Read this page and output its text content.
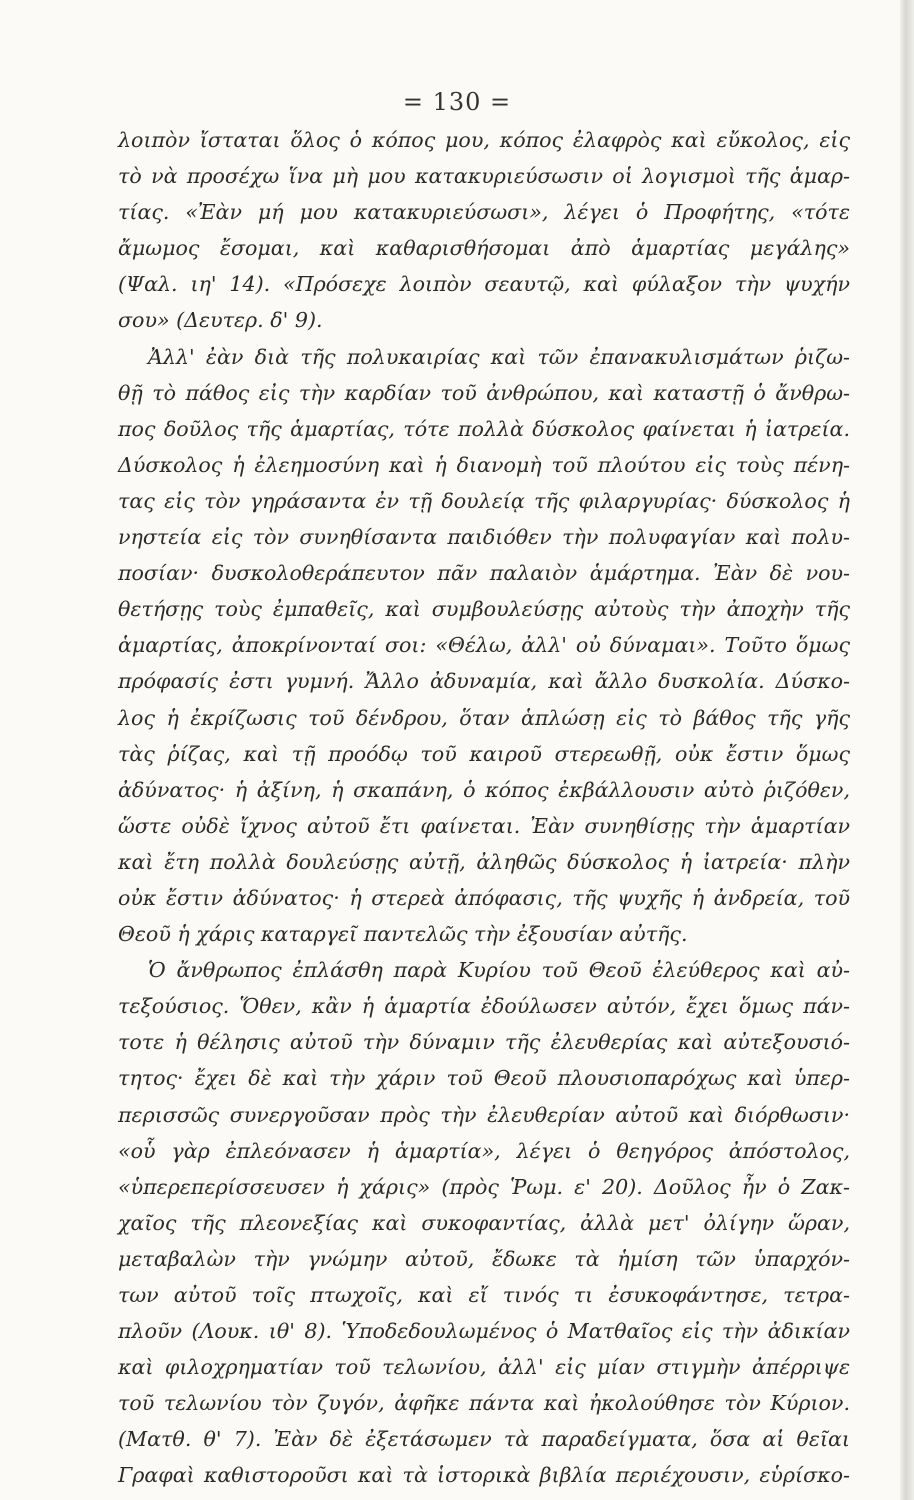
= 130 =
λοιπὸν ἴσταται ὅλος ὁ κόπος μου, κόπος ἐλαφρὸς καὶ εὔκολος, εἰς
τὸ νὰ προσέχω ἵνα μὴ μου κατακυριεύσωσιν οἱ λογισμοὶ τῆς ἁμαρ-
τίας. «Ἐὰν μή μου κατακυριεύσωσι», λέγει ὁ Προφήτης, «τότε
ἄμωμος ἔσομαι, καὶ καθαρισθήσομαι ἀπὸ ἁμαρτίας μεγάλης»
(Ψαλ. ιη' 14). «Πρόσεχε λοιπὸν σεαυτῷ, καὶ φύλαξον τὴν ψυχήν
σου» (Δευτερ. δ' 9).
Ἀλλ' ἐὰν διὰ τῆς πολυκαιρίας καὶ τῶν ἐπανακυλισμάτων ῥιζω-
θῇ τὸ πάθος εἰς τὴν καρδίαν τοῦ ἀνθρώπου, καὶ καταστῇ ὁ ἄνθρω-
πος δοῦλος τῆς ἁμαρτίας, τότε πολλὰ δύσκολος φαίνεται ἡ ἰατρεία.
Δύσκολος ἡ ἐλεημοσύνη καὶ ἡ διανομὴ τοῦ πλούτου εἰς τοὺς πένη-
τας εἰς τὸν γηράσαντα ἐν τῇ δουλείᾳ τῆς φιλαργυρίας· δύσκολος ἡ
νηστεία εἰς τὸν συνηθίσαντα παιδιόθεν τὴν πολυφαγίαν καὶ πολυ-
ποσίαν· δυσκολοθεράπευτον πᾶν παλαιὸν ἁμάρτημα. Ἐὰν δὲ νου-
θετήσῃς τοὺς ἐμπαθεῖς, καὶ συμβουλεύσῃς αὐτοὺς τὴν ἀποχὴν τῆς
ἁμαρτίας, ἀποκρίνονταί σοι: «Θέλω, ἀλλ' οὐ δύναμαι». Τοῦτο ὅμως
πρόφασίς ἐστι γυμνή. Ἄλλο ἀδυναμία, καὶ ἄλλο δυσκολία. Δύσκο-
λος ἡ ἐκρίζωσις τοῦ δένδρου, ὅταν ἁπλώσῃ εἰς τὸ βάθος τῆς γῆς
τὰς ῥίζας, καὶ τῇ προόδῳ τοῦ καιροῦ στερεωθῇ, οὐκ ἔστιν ὅμως
ἀδύνατος· ἡ ἀξίνη, ἡ σκαπάνη, ὁ κόπος ἐκβάλλουσιν αὐτὸ ῥιζόθεν,
ὥστε οὐδὲ ἴχνος αὐτοῦ ἔτι φαίνεται. Ἐὰν συνηθίσῃς τὴν ἁμαρτίαν
καὶ ἔτη πολλὰ δουλεύσῃς αὐτῇ, ἀληθῶς δύσκολος ἡ ἰατρεία· πλὴν
οὐκ ἔστιν ἀδύνατος· ἡ στερεὰ ἀπόφασις, τῆς ψυχῆς ἡ ἀνδρεία, τοῦ
Θεοῦ ἡ χάρις καταργεῖ παντελῶς τὴν ἐξουσίαν αὐτῆς.
Ὁ ἄνθρωπος ἐπλάσθη παρὰ Κυρίου τοῦ Θεοῦ ἐλεύθερος καὶ αὐ-
τεξούσιος. Ὅθεν, κἂν ἡ ἁμαρτία ἐδούλωσεν αὐτόν, ἔχει ὅμως πάν-
τοτε ἡ θέλησις αὐτοῦ τὴν δύναμιν τῆς ἐλευθερίας καὶ αὐτεξουσιό-
τητος· ἔχει δὲ καὶ τὴν χάριν τοῦ Θεοῦ πλουσιοπαρόχως καὶ ὑπερ-
περισσῶς συνεργοῦσαν πρὸς τὴν ἐλευθερίαν αὐτοῦ καὶ διόρθωσιν·
«οὗ γὰρ ἐπλεόνασεν ἡ ἁμαρτία», λέγει ὁ θεηγόρος ἀπόστολος,
«ὑπερεπερίσσευσεν ἡ χάρις» (πρὸς Ῥωμ. ε' 20). Δοῦλος ἦν ὁ Ζακ-
χαῖος τῆς πλεονεξίας καὶ συκοφαντίας, ἀλλὰ μετ' ὀλίγην ὥραν,
μεταβαλὼν τὴν γνώμην αὐτοῦ, ἔδωκε τὰ ἡμίση τῶν ὑπαρχόν-
των αὐτοῦ τοῖς πτωχοῖς, καὶ εἴ τινός τι ἐσυκοφάντησε, τετρα-
πλοῦν (Λουκ. ιθ' 8). Ὑποδεδουλωμένος ὁ Ματθαῖος εἰς τὴν ἀδικίαν
καὶ φιλοχρηματίαν τοῦ τελωνίου, ἀλλ' εἰς μίαν στιγμὴν ἀπέρριψε
τοῦ τελωνίου τὸν ζυγόν, ἀφῆκε πάντα καὶ ἠκολούθησε τὸν Κύριον.
(Ματθ. θ' 7). Ἐὰν δὲ ἐξετάσωμεν τὰ παραδείγματα, ὅσα αἱ θεῖαι
Γραφαὶ καθιστοροῦσι καὶ τὰ ἱστορικὰ βιβλία περιέχουσιν, εὑρίσκο-
